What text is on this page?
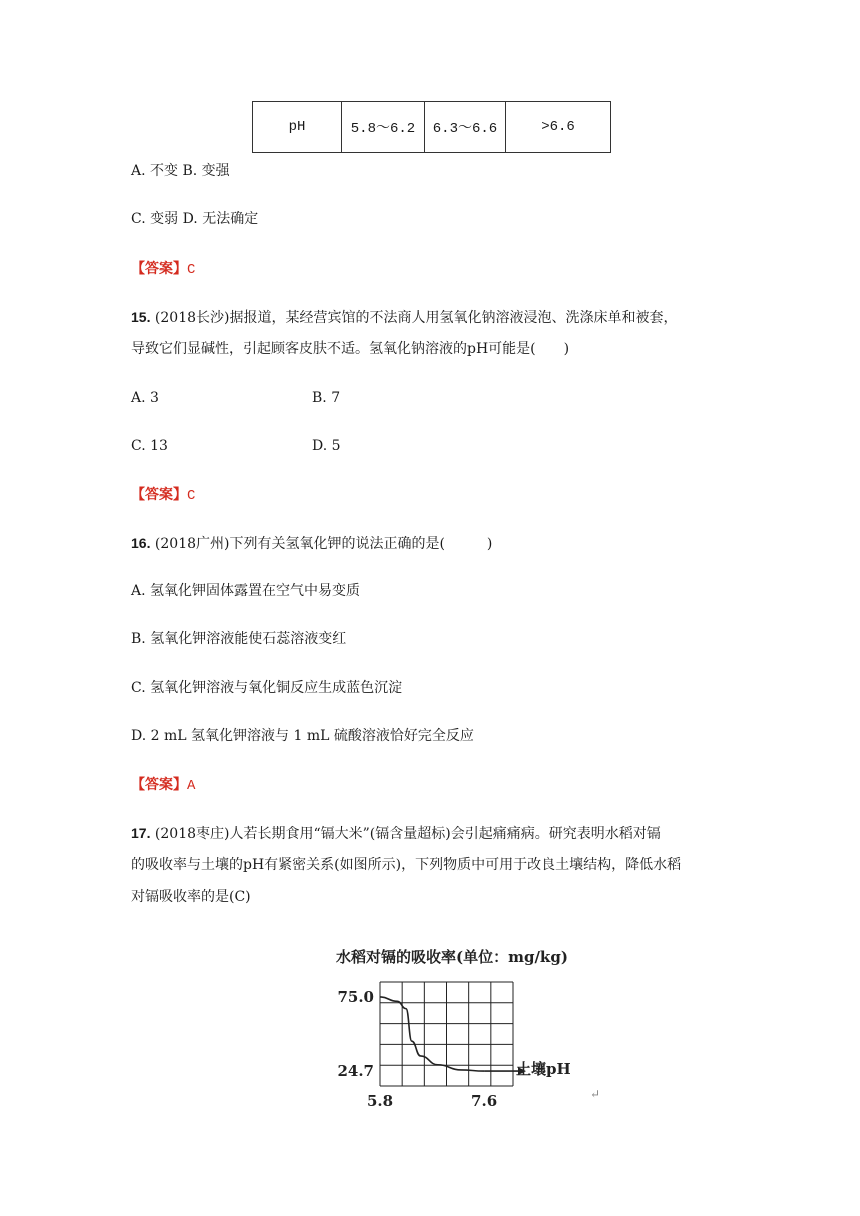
pH	5.8～6.2	6.3～6.6	>6.6
A. 不变 B. 变强
C. 变弱 D. 无法确定
【答案】C
15. (2018长沙)据报道，某经营宾馆的不法商人用氢氧化钠溶液浸泡、洗涤床单和被套，
导致它们显碱性，引起顾客皮肤不适。氢氧化钠溶液的pH可能是(　　)
A. 3	B. 7
C. 13	D. 5
【答案】C
16. (2018广州)下列有关氢氧化钾的说法正确的是(　　　)
A. 氢氧化钾固体露置在空气中易变质
B. 氢氧化钾溶液能使石蕊溶液变红
C. 氢氧化钾溶液与氧化铜反应生成蓝色沉淀
D. 2 mL 氢氧化钾溶液与 1 mL 硫酸溶液恰好完全反应
【答案】A
17. (2018枣庄)人若长期食用“镉大米”(镉含量超标)会引起痛痛病。研究表明水稻对镉
的吸收率与土壤的pH有紧密关系(如图所示)，下列物质中可用于改良土壤结构，降低水稻
对镉吸收率的是(C)
水稻对镉的吸收率(单位：mg/kg)
75.0
24.7
5.8	7.6
土壤pH
↵
